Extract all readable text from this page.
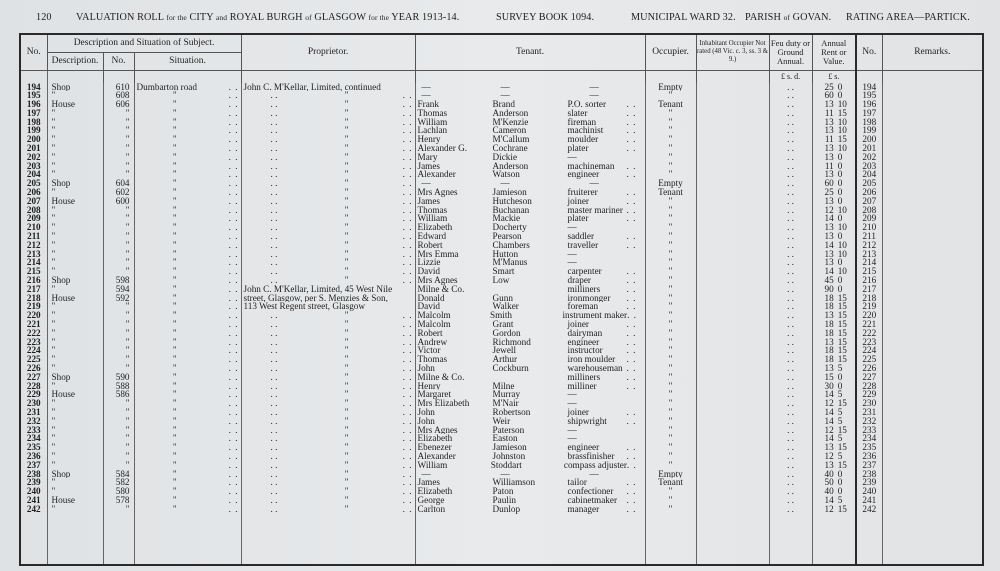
120 VALUATION ROLL for the CITY and ROYAL BURGH of GLASGOW for the YEAR 1913-14.	SURVEY BOOK 1094.	MUNICIPAL WARD 32. PARISH of GOVAN. RATING AREA—PARTICK.
No.	Description and Situation of Subject.			Proprietor.	Tenant.	Occupier.	Inhabitant Occupier Not rated (48 Vic. c. 3, ss. 3 & 9.)	Feu duty or Ground Annual.	Annual Rent or Value.	No.	Remarks.
	Description.	No.	Situation.								
								£ s. d.	£ s.		
194	Shop	610	Dumbarton road . .	John C. M'Kellar, Limited, continued	— — —	Empty		. .	25 0	194	
195	"	608	" . .	. . " . .	— — —	"		. .	60 0	195	
196	House	606	" . .	. . " . .	Frank Brand P.O. sorter . .	Tenant		. .	13 10	196	
197	"	"	" . .	. . " . .	Thomas Anderson slater . .	"		. .	11 15	197	
198	"	"	" . .	. . " . .	William M'Kenzie fireman . .	"		. .	13 10	198	
199	"	"	" . .	. . " . .	Lachlan Cameron machinist . .	"		. .	13 10	199	
200	"	"	" . .	. . " . .	Henry M'Callum moulder . .	"		. .	11 15	200	
201	"	"	" . .	. . " . .	Alexander G. Cochrane plater . .	"		. .	13 10	201	
202	"	"	" . .	. . " . .	Mary Dickie —	"		. .	13 0	202	
203	"	"	" . .	. . " . .	James Anderson machineman . .	"		. .	11 0	203	
204	"	"	" . .	. . " . .	Alexander Watson engineer . .	"		. .	13 0	204	
205	Shop	604	" . .	. . " . .	— — —	Empty		. .	60 0	205	
206	"	602	" . .	. . " . .	Mrs Agnes Jamieson fruiterer . .	Tenant		. .	25 0	206	
207	House	600	" . .	. . " . .	James Hutcheson joiner . .	"		. .	13 0	207	
208	"	"	" . .	. . " . .	Thomas Buchanan master mariner . .	"		. .	12 10	208	
209	"	"	" . .	. . " . .	William Mackie plater . .	"		. .	14 0	209	
210	"	"	" . .	. . " . .	Elizabeth Docherty —	"		. .	13 10	210	
211	"	"	" . .	. . " . .	Edward Pearson saddler . .	"		. .	13 0	211	
212	"	"	" . .	. . " . .	Robert Chambers traveller . .	"		. .	14 10	212	
213	"	"	" . .	. . " . .	Mrs Emma Hutton —	"		. .	13 10	213	
214	"	"	" . .	. . " . .	Lizzie M'Manus —	"		. .	13 0	214	
215	"	"	" . .	. . " . .	David Smart carpenter . .	"		. .	14 10	215	
216	Shop	598	" . .	. . " . .	Mrs Agnes Low draper . .	"		. .	45 0	216	
217	"	594	" . .	John C. M'Kellar, Limited, 45 West Nile	Milne & Co. milliners . .	"		. .	90 0	217	
218	House	592	" . .	street, Glasgow, per S. Menzies & Son,	Donald Gunn ironmonger . .	"		. .	18 15	218	
219	"	"	" . .	113 West Regent street, Glasgow	David Walker foreman . .	"		. .	18 15	219	
220	"	"	" . .	. . " . .	Malcolm Smith instrument maker . .	"		. .	13 15	220	
221	"	"	" . .	. . " . .	Malcolm Grant joiner . .	"		. .	18 15	221	
222	"	"	" . .	. . " . .	Robert Gordon dairyman . .	"		. .	18 15	222	
223	"	"	" . .	. . " . .	Andrew Richmond engineer . .	"		. .	13 15	223	
224	"	"	" . .	. . " . .	Victor Jewell instructor . .	"		. .	18 15	224	
225	"	"	" . .	. . " . .	Thomas Arthur iron moulder . .	"		. .	18 15	225	
226	"	"	" . .	. . " . .	John Cockburn warehouseman . .	"		. .	13 5	226	
227	Shop	590	" . .	. . " . .	Milne & Co. milliners . .	"		. .	15 0	227	
228	"	588	" . .	. . " . .	Henry Milne milliner . .	"		. .	30 0	228	
229	House	586	" . .	. . " . .	Margaret Murray —	"		. .	14 5	229	
230	"	"	" . .	. . " . .	Mrs Elizabeth M'Nair —	"		. .	12 15	230	
231	"	"	" . .	. . " . .	John Robertson joiner . .	"		. .	14 5	231	
232	"	"	" . .	. . " . .	John Weir shipwright . .	"		. .	14 5	232	
233	"	"	" . .	. . " . .	Mrs Agnes Paterson —	"		. .	12 15	233	
234	"	"	" . .	. . " . .	Elizabeth Easton —	"		. .	14 5	234	
235	"	"	" . .	. . " . .	Ebenezer Jamieson engineer . .	"		. .	13 15	235	
236	"	"	" . .	. . " . .	Alexander Johnston brassfinisher . .	"		. .	12 5	236	
237	"	"	" . .	. . " . .	William Stoddart compass adjuster . .	"		. .	13 15	237	
238	Shop	584	" . .	. . " . .	— — —	Empty		. .	40 0	238	
239	"	582	" . .	. . " . .	James Williamson tailor . .	Tenant		. .	50 0	239	
240	"	580	" . .	. . " . .	Elizabeth Paton confectioner . .	"		. .	40 0	240	
241	House	578	" . .	. . " . .	George Paulin cabinetmaker . .	"		. .	14 5	241	
242	"	"	" . .	. . " . .	Carlton Dunlop manager . .	"		. .	12 15	242	
